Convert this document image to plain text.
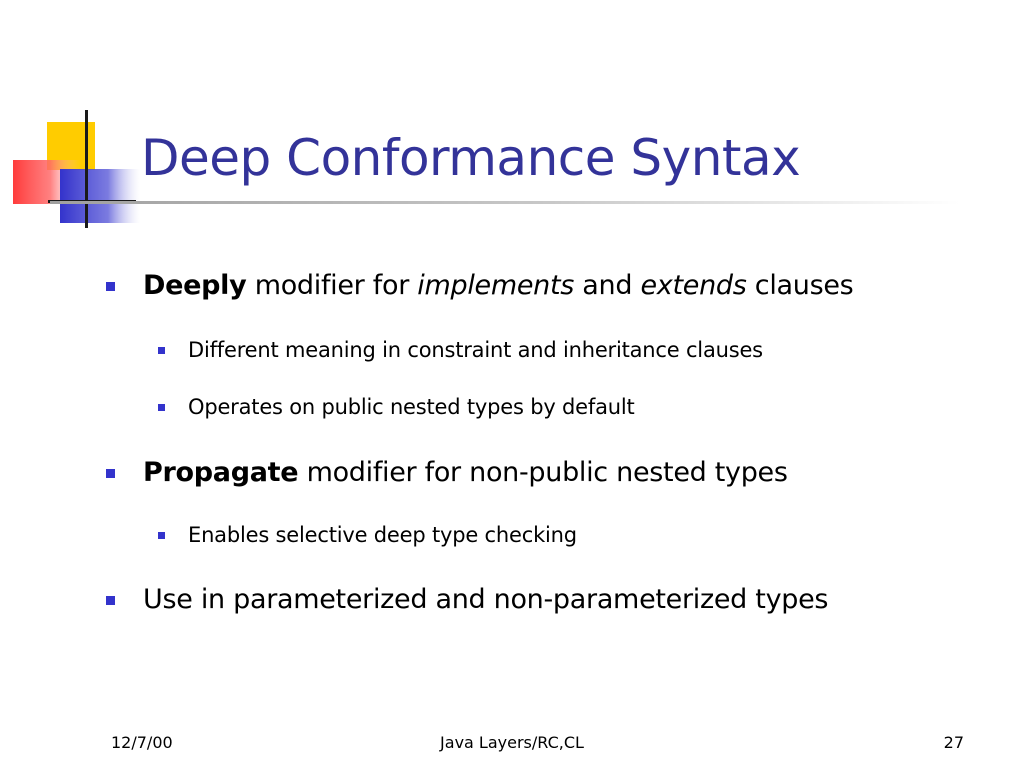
Deep Conformance Syntax
Deeply modifier for implements and extends clauses
Different meaning in constraint and inheritance clauses
Operates on public nested types by default
Propagate modifier for non-public nested types
Enables selective deep type checking
Use in parameterized and non-parameterized types
12/7/00	Java Layers/RC,CL	27
